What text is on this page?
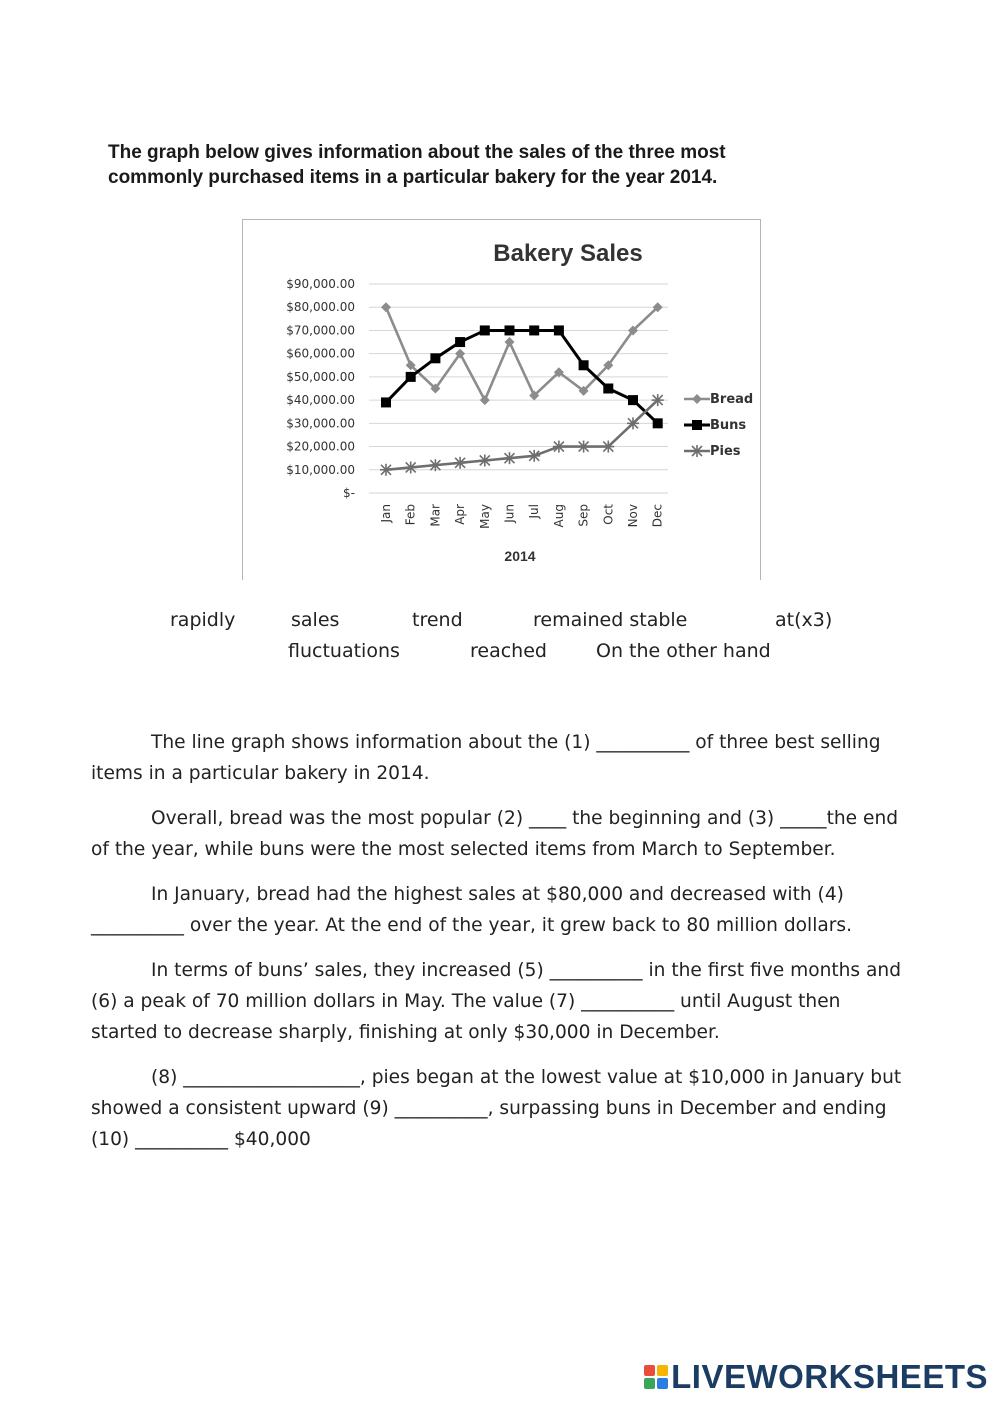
The graph below gives information about the sales of the three most

commonly purchased items in a particular bakery for the year 2014.

Bakery Sales
$-
$10,000.00
$20,000.00
$30,000.00
$40,000.00
$50,000.00
$60,000.00
$70,000.00
$80,000.00
$90,000.00
Jan Feb Mar Apr May Jun Jul Aug Sep Oct Nov Dec
2014
Bread
Buns
Pies
rapidly	sales	trend	remained stable	at(x3)
fluctuations	reached	On the other hand

The line graph shows information about the (1) __________ of three best selling items in a particular bakery in 2014.

Overall, bread was the most popular (2) ____ the beginning and (3) _____the end of the year, while buns were the most selected items from March to September.

In January, bread had the highest sales at $80,000 and decreased with (4) __________ over the year. At the end of the year, it grew back to 80 million dollars.

In terms of buns’ sales, they increased (5) __________ in the first five months and (6) a peak of 70 million dollars in May. The value (7) __________ until August then started to decrease sharply, finishing at only $30,000 in December.

(8) ___________________, pies began at the lowest value at $10,000 in January but showed a consistent upward (9) __________, surpassing buns in December and ending (10) __________ $40,000

LIVEWORKSHEETS
